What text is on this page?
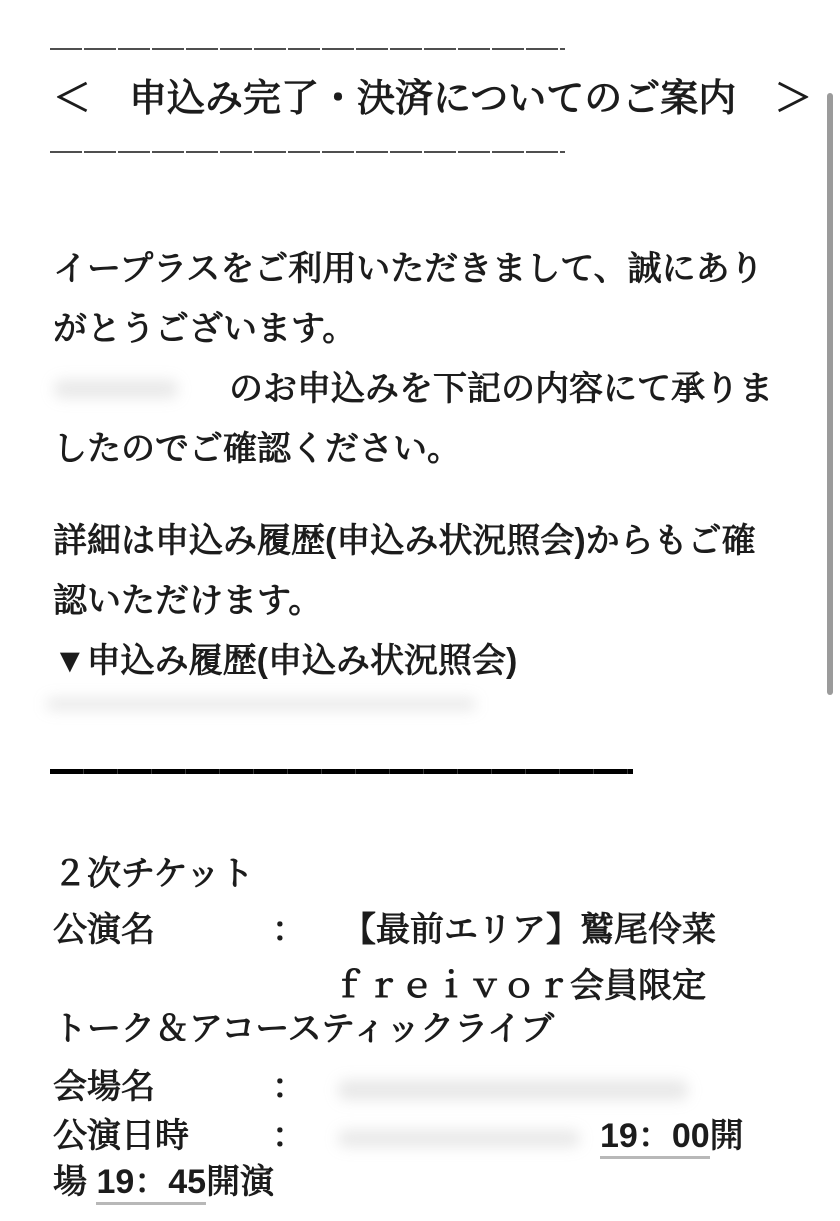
＜　申込み完了・決済についてのご案内　＞
イープラスをご利用いただきまして、誠にあり
がとうございます。
のお申込みを下記の内容にて承りま
したのでご確認ください。
詳細は申込み履歴(申込み状況照会)からもご確
認いただけます。
▼申込み履歴(申込み状況照会)
２次チケット
公演名	： 【最前エリア】鷲尾伶菜
ｆｒｅｉｖｏｒ会員限定
トーク＆アコースティックライブ
会場名	：
公演日時 ：	19：00開
場 19：45開演
